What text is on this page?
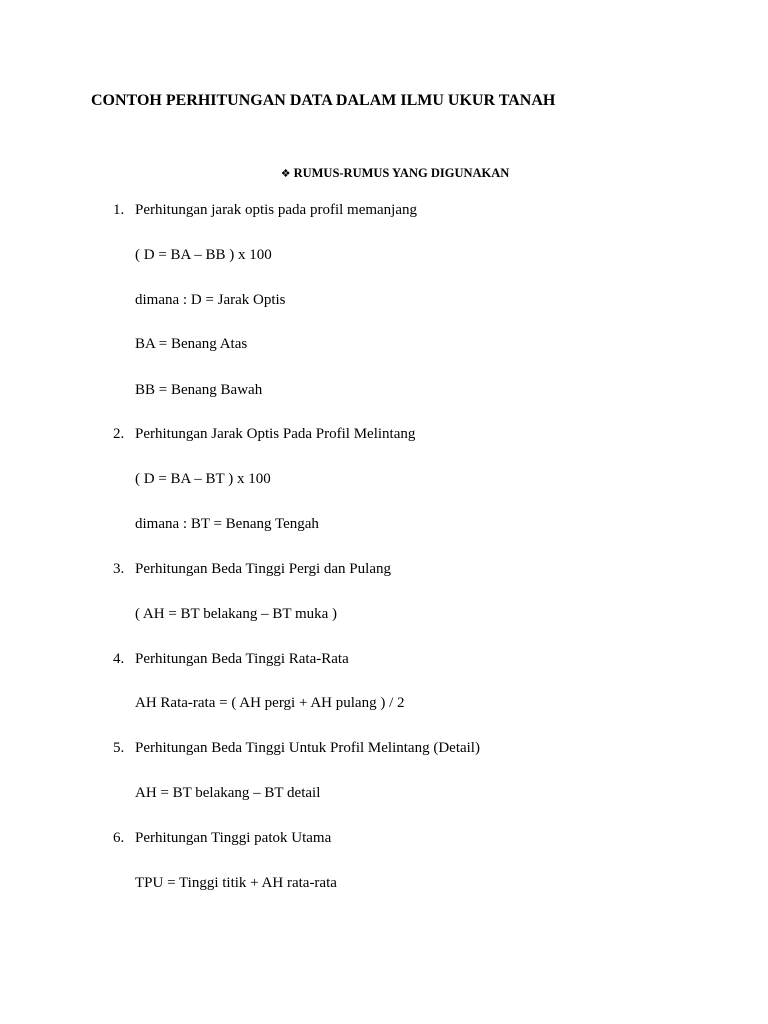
CONTOH PERHITUNGAN DATA DALAM ILMU UKUR TANAH
❖ RUMUS-RUMUS YANG DIGUNAKAN
1. Perhitungan jarak optis pada profil memanjang
( D = BA – BB ) x 100
dimana : D = Jarak Optis
BA = Benang Atas
BB = Benang Bawah
2. Perhitungan Jarak Optis Pada Profil Melintang
( D = BA – BT ) x 100
dimana : BT = Benang Tengah
3. Perhitungan Beda Tinggi Pergi dan Pulang
( AH = BT belakang – BT muka )
4. Perhitungan Beda Tinggi Rata-Rata
AH Rata-rata = ( AH pergi + AH pulang ) / 2
5. Perhitungan Beda Tinggi Untuk Profil Melintang (Detail)
AH = BT belakang – BT detail
6. Perhitungan Tinggi patok Utama
TPU = Tinggi titik + AH rata-rata
